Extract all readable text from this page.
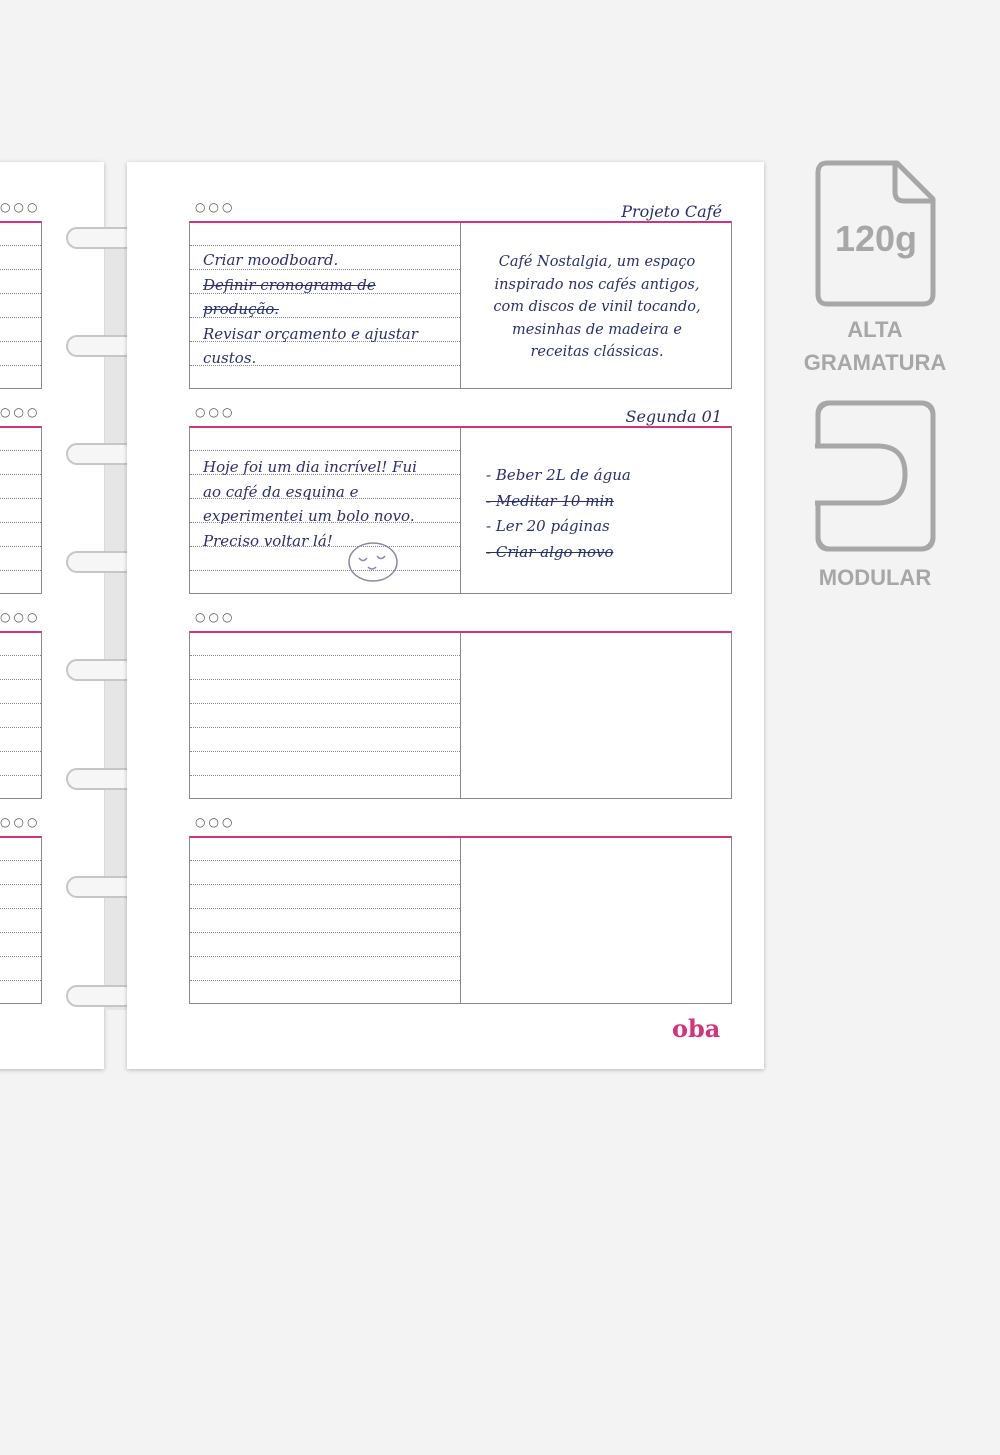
○○○
○○○
○○○
○○○
○○○	Projeto Café
Criar moodboard.
Definir cronograma de
produção.
Revisar orçamento e ajustar
custos.
Café Nostalgia, um espaço
inspirado nos cafés antigos,
com discos de vinil tocando,
mesinhas de madeira e
receitas clássicas.
○○○	Segunda 01
Hoje foi um dia incrível! Fui
ao café da esquina e
experimentei um bolo novo.
Preciso voltar lá!
- Beber 2L de água
- Meditar 10 min
- Ler 20 páginas
- Criar algo novo
○○○
○○○
oba
120g
ALTA
GRAMATURA
MODULAR
